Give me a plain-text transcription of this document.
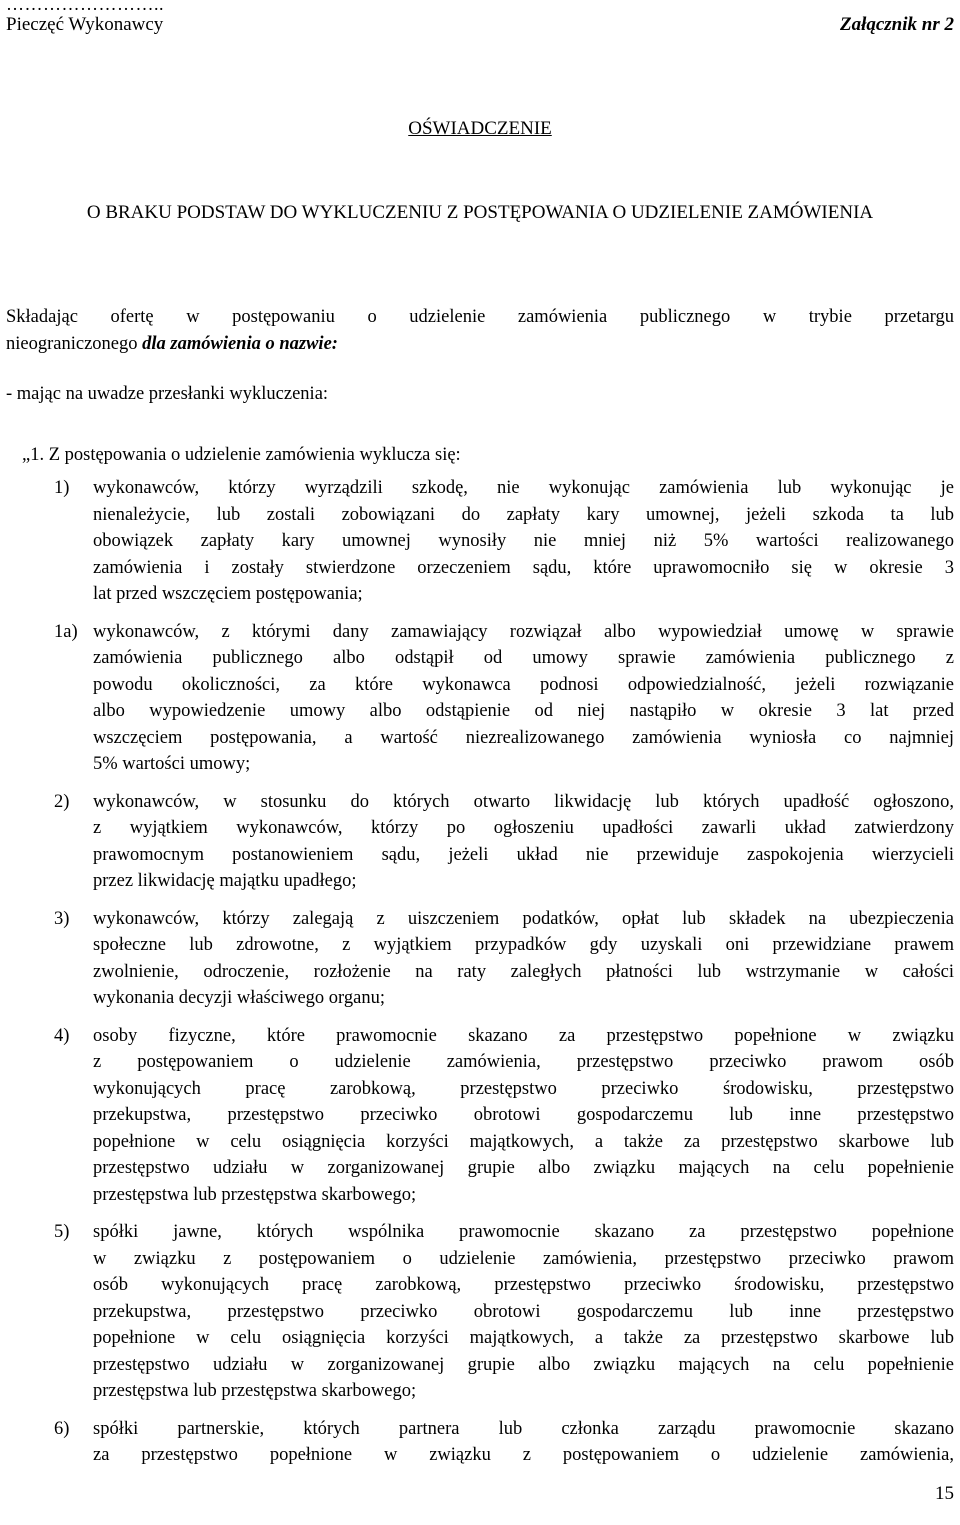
……………………..
Pieczęć Wykonawcy	Załącznik nr 2
OŚWIADCZENIE
O BRAKU PODSTAW DO WYKLUCZENIU Z POSTĘPOWANIA O UDZIELENIE ZAMÓWIENIA
Składając ofertę w postępowaniu o udzielenie zamówienia publicznego w trybie przetargu
nieograniczonego dla zamówienia o nazwie:
- mając na uwadze przesłanki wykluczenia:
„1. Z postępowania o udzielenie zamówienia wyklucza się:
1)	wykonawców, którzy wyrządzili szkodę, nie wykonując zamówienia lub wykonując je
nienależycie, lub zostali zobowiązani do zapłaty kary umownej, jeżeli szkoda ta lub
obowiązek zapłaty kary umownej wynosiły nie mniej niż 5% wartości realizowanego
zamówienia i zostały stwierdzone orzeczeniem sądu, które uprawomocniło się w okresie 3
lat przed wszczęciem postępowania;
1a) wykonawców, z którymi dany zamawiający rozwiązał albo wypowiedział umowę w sprawie
zamówienia publicznego albo odstąpił od umowy sprawie zamówienia publicznego z
powodu okoliczności, za które wykonawca podnosi odpowiedzialność, jeżeli rozwiązanie
albo wypowiedzenie umowy albo odstąpienie od niej nastąpiło w okresie 3 lat przed
wszczęciem postępowania, a wartość niezrealizowanego zamówienia wyniosła co najmniej
5% wartości umowy;
2)	wykonawców, w stosunku do których otwarto likwidację lub których upadłość ogłoszono,
z wyjątkiem wykonawców, którzy po ogłoszeniu upadłości zawarli układ zatwierdzony
prawomocnym postanowieniem sądu, jeżeli układ nie przewiduje zaspokojenia wierzycieli
przez likwidację majątku upadłego;
3)	wykonawców, którzy zalegają z uiszczeniem podatków, opłat lub składek na ubezpieczenia
społeczne lub zdrowotne, z wyjątkiem przypadków gdy uzyskali oni przewidziane prawem
zwolnienie, odroczenie, rozłożenie na raty zaległych płatności lub wstrzymanie w całości
wykonania decyzji właściwego organu;
4)	osoby fizyczne, które prawomocnie skazano za przestępstwo popełnione w związku
z postępowaniem o udzielenie zamówienia, przestępstwo przeciwko prawom osób
wykonujących pracę zarobkową, przestępstwo przeciwko środowisku, przestępstwo
przekupstwa, przestępstwo przeciwko obrotowi gospodarczemu lub inne przestępstwo
popełnione w celu osiągnięcia korzyści majątkowych, a także za przestępstwo skarbowe lub
przestępstwo udziału w zorganizowanej grupie albo związku mających na celu popełnienie
przestępstwa lub przestępstwa skarbowego;
5)	spółki jawne, których wspólnika prawomocnie skazano za przestępstwo popełnione
w związku z postępowaniem o udzielenie zamówienia, przestępstwo przeciwko prawom
osób wykonujących pracę zarobkową, przestępstwo przeciwko środowisku, przestępstwo
przekupstwa, przestępstwo przeciwko obrotowi gospodarczemu lub inne przestępstwo
popełnione w celu osiągnięcia korzyści majątkowych, a także za przestępstwo skarbowe lub
przestępstwo udziału w zorganizowanej grupie albo związku mających na celu popełnienie
przestępstwa lub przestępstwa skarbowego;
6)	spółki partnerskie, których partnera lub członka zarządu prawomocnie skazano
za przestępstwo popełnione w związku z postępowaniem o udzielenie zamówienia,
15
